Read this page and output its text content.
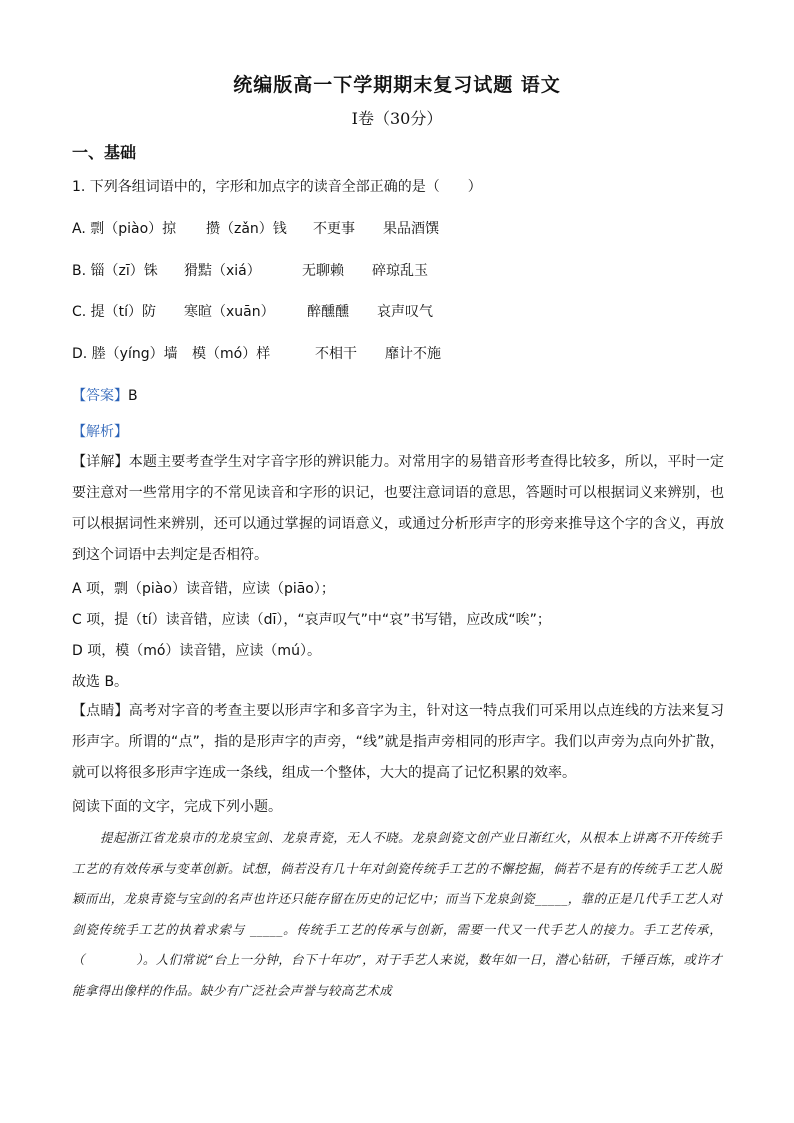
统编版高一下学期期末复习试题 语文
Ⅰ卷（30分）
一、基础
1. 下列各组词语中的，字形和加点字的读音全部正确的是（　　）
A. 剽（piào）掠 攒（zǎn）钱 不更事 果品酒馔
B. 锱（zī）铢 猾黠（xiá）	无聊赖 碎琼乱玉
C. 提（tí）防 寒暄（xuān） 醉醺醺 哀声叹气
D. 塍（yíng）墙 模（mó）样	不相干 靡计不施
【答案】B
【解析】
【详解】本题主要考查学生对字音字形的辨识能力。对常用字的易错音形考查得比较多，所以，平时一定要注意对一些常用字的不常见读音和字形的识记，也要注意词语的意思，答题时可以根据词义来辨别，也可以根据词性来辨别，还可以通过掌握的词语意义，或通过分析形声字的形旁来推导这个字的含义，再放到这个词语中去判定是否相符。
A 项，剽（piào）读音错，应读（piāo）；
C 项，提（tí）读音错，应读（dī），“哀声叹气”中“哀”书写错，应改成“唉”；
D 项，模（mó）读音错，应读（mú）。
故选 B。
【点睛】高考对字音的考查主要以形声字和多音字为主，针对这一特点我们可采用以点连线的方法来复习形声字。所谓的“点”，指的是形声字的声旁，“线”就是指声旁相同的形声字。我们以声旁为点向外扩散，就可以将很多形声字连成一条线，组成一个整体，大大的提高了记忆积累的效率。
阅读下面的文字，完成下列小题。
提起浙江省龙泉市的龙泉宝剑、龙泉青瓷，无人不晓。龙泉剑瓷文创产业日渐红火，从根本上讲离不开传统手工艺的有效传承与变革创新。试想，倘若没有几十年对剑瓷传统手工艺的不懈挖掘，倘若不是有的传统手工艺人脱颖而出，龙泉青瓷与宝剑的名声也许还只能存留在历史的记忆中；而当下龙泉剑瓷_____，靠的正是几代手工艺人对剑瓷传统手工艺的执着求索与 _____。传统手工艺的传承与创新，需要一代又一代手艺人的接力。手工艺传承，（　　　　）。人们常说“台上一分钟，台下十年功”，对于手艺人来说，数年如一日，潜心钻研，千锤百炼，或许才能拿得出像样的作品。缺少有广泛社会声誉与较高艺术成
